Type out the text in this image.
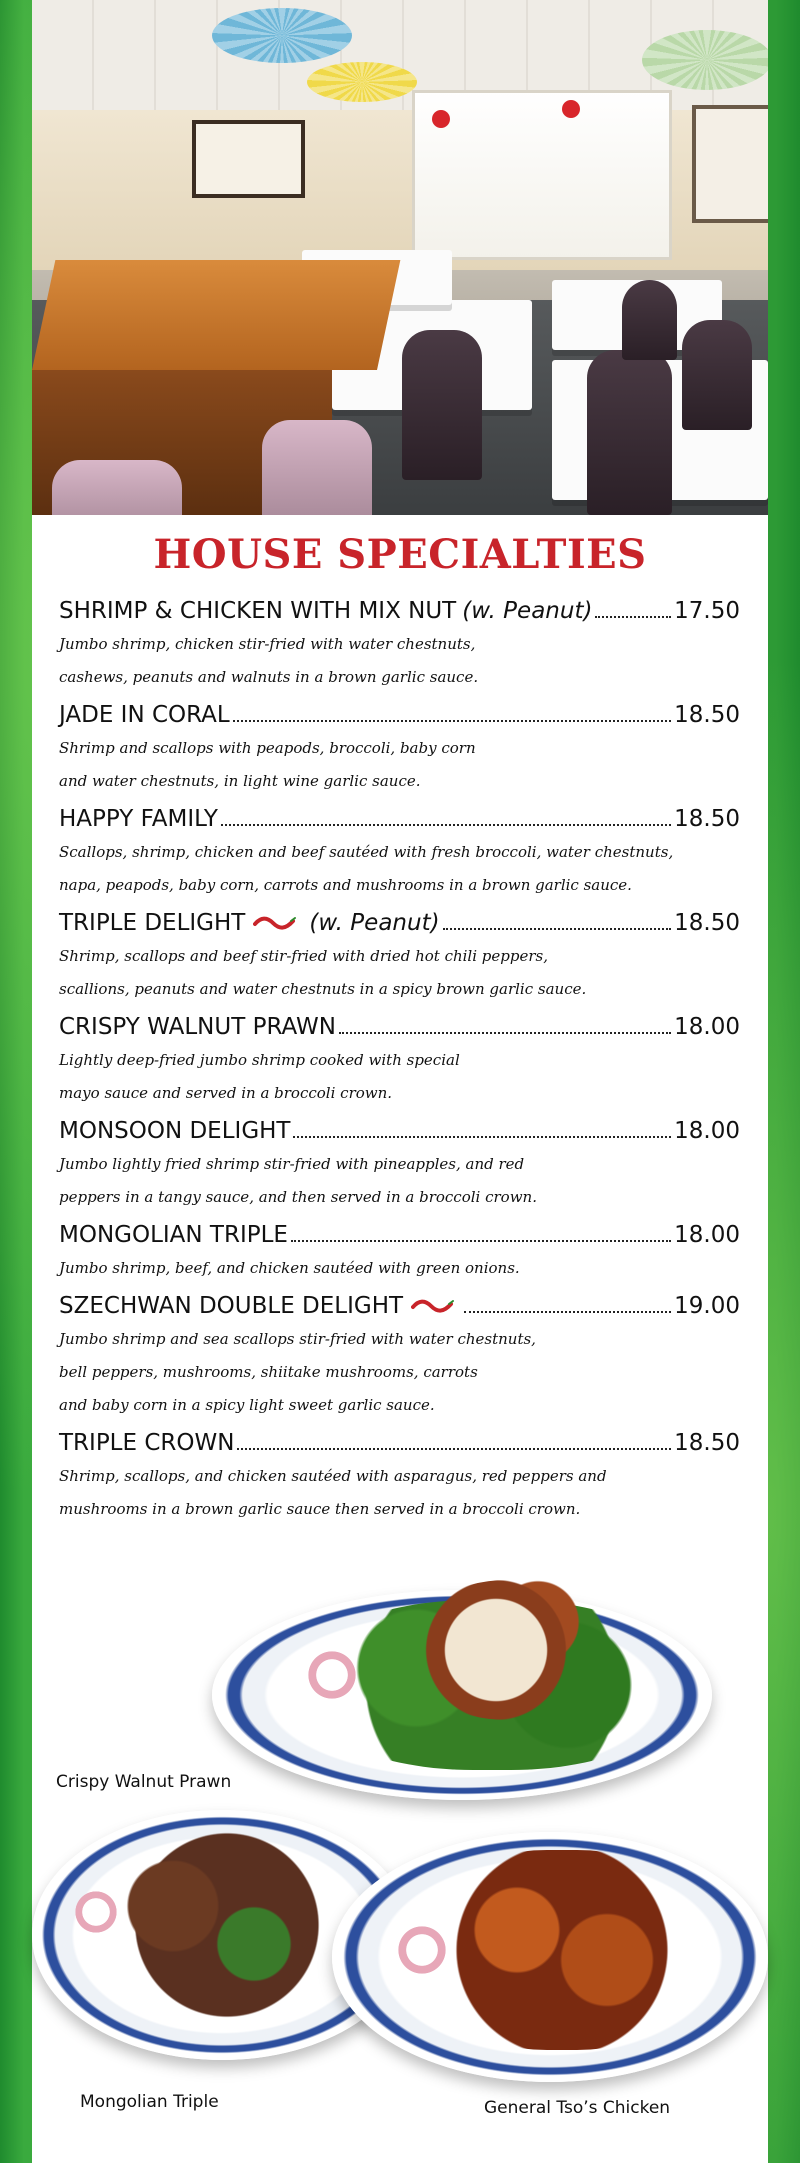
HOUSE SPECIALTIES
SHRIMP & CHICKEN WITH MIX NUT (w. Peanut)	17.50

Jumbo shrimp, chicken stir-fried with water chestnuts,
cashews, peanuts and walnuts in a brown garlic sauce.

JADE IN CORAL	18.50

Shrimp and scallops with peapods, broccoli, baby corn
and water chestnuts, in light wine garlic sauce.

HAPPY FAMILY	18.50

Scallops, shrimp, chicken and beef sautéed with fresh broccoli, water chestnuts,
napa, peapods, baby corn, carrots and mushrooms in a brown garlic sauce.

TRIPLE DELIGHT	(w. Peanut)	18.50

Shrimp, scallops and beef stir-fried with dried hot chili peppers,
scallions, peanuts and water chestnuts in a spicy brown garlic sauce.

CRISPY WALNUT PRAWN	18.00

Lightly deep-fried jumbo shrimp cooked with special
mayo sauce and served in a broccoli crown.

MONSOON DELIGHT	18.00

Jumbo lightly fried shrimp stir-fried with pineapples, and red
peppers in a tangy sauce, and then served in a broccoli crown.

MONGOLIAN TRIPLE	18.00

Jumbo shrimp, beef, and chicken sautéed with green onions.

SZECHWAN DOUBLE DELIGHT	19.00

Jumbo shrimp and sea scallops stir-fried with water chestnuts,
bell peppers, mushrooms, shiitake mushrooms, carrots
and baby corn in a spicy light sweet garlic sauce.

TRIPLE CROWN	18.50

Shrimp, scallops, and chicken sautéed with asparagus, red peppers and
mushrooms in a brown garlic sauce then served in a broccoli crown.

Crispy Walnut Prawn
Mongolian Triple	General Tso’s Chicken
